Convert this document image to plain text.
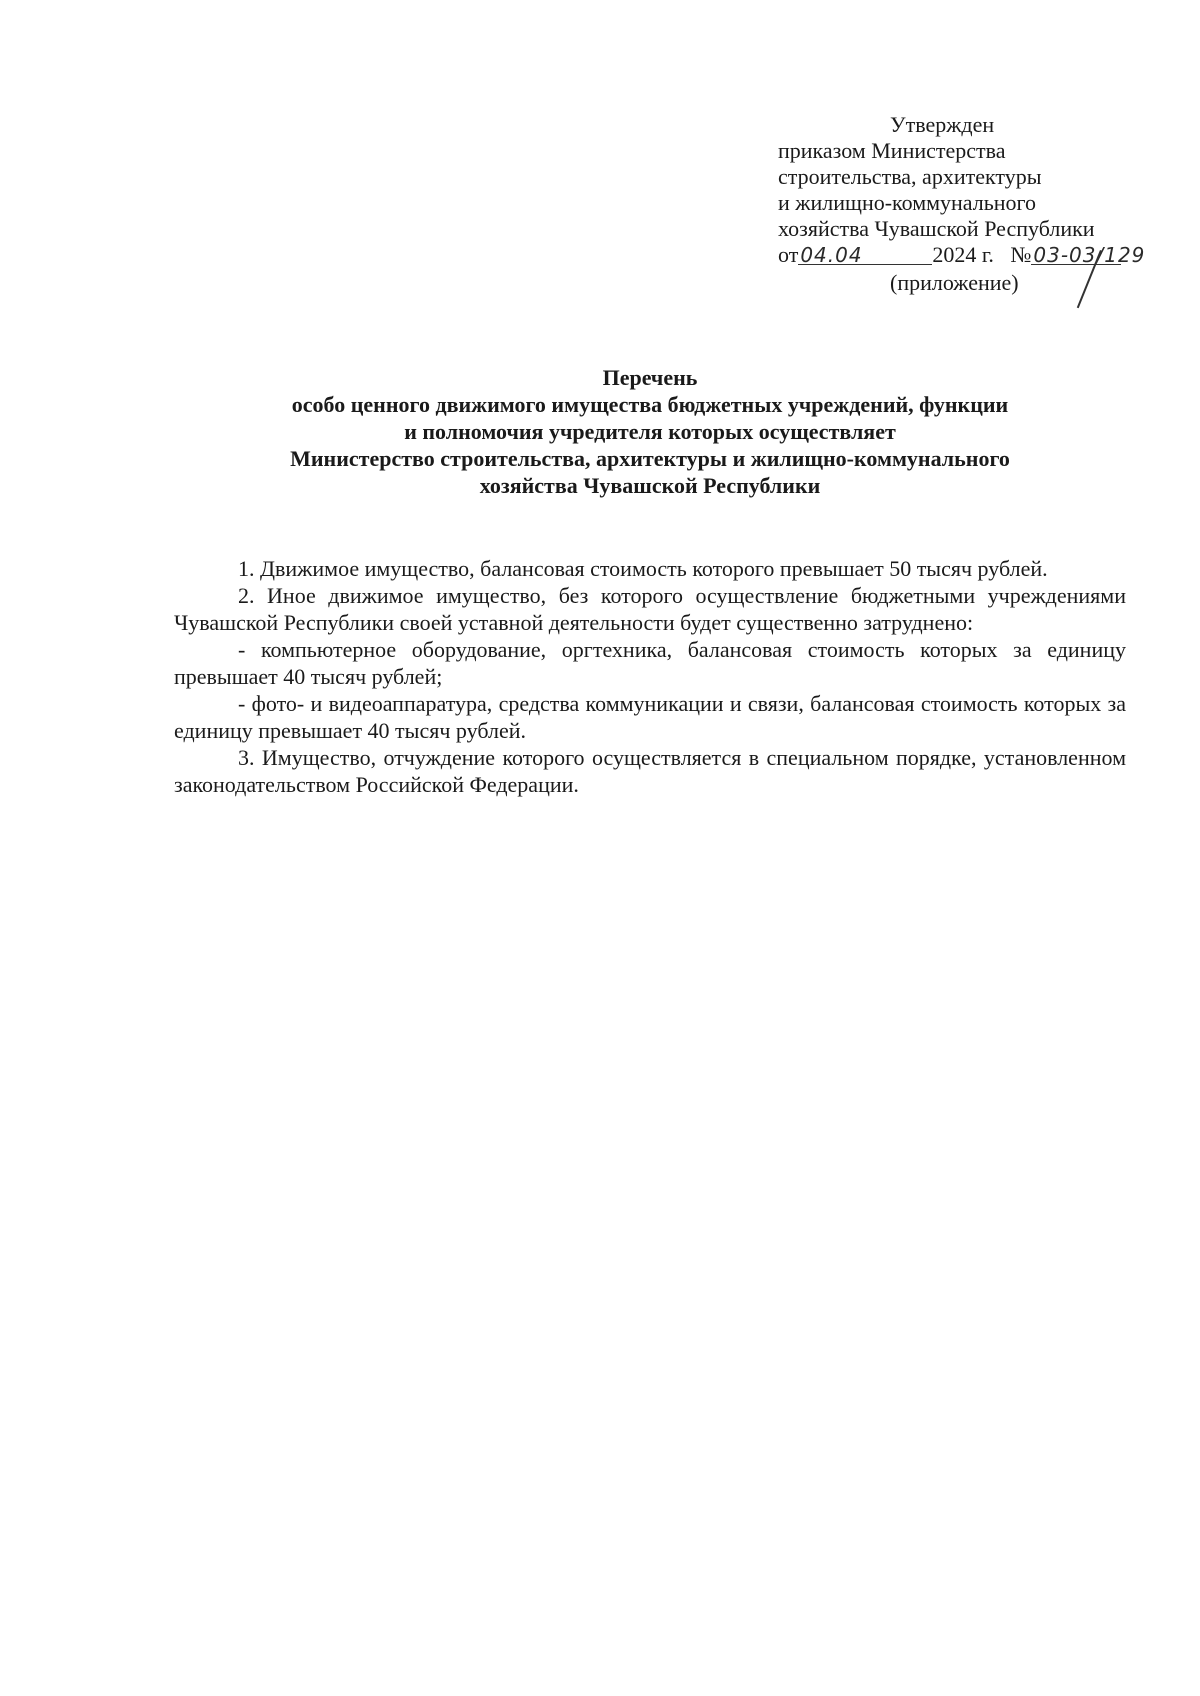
Утвержден
приказом Министерства
строительства, архитектуры
и жилищно-коммунального
хозяйства Чувашской Республики
от 04.04	2024 г. № 03-03/129
(приложение)
Перечень
особо ценного движимого имущества бюджетных учреждений, функции
и полномочия учредителя которых осуществляет
Министерство строительства, архитектуры и жилищно-коммунального
хозяйства Чувашской Республики

1. Движимое имущество, балансовая стоимость которого превышает 50 тысяч рублей.

2. Иное движимое имущество, без которого осуществление бюджетными учреждениями Чувашской Республики своей уставной деятельности будет существенно затруднено:

- компьютерное оборудование, оргтехника, балансовая стоимость которых за единицу превышает 40 тысяч рублей;

- фото- и видеоаппаратура, средства коммуникации и связи, балансовая стоимость которых за единицу превышает 40 тысяч рублей.

3. Имущество, отчуждение которого осуществляется в специальном порядке, установленном законодательством Российской Федерации.
